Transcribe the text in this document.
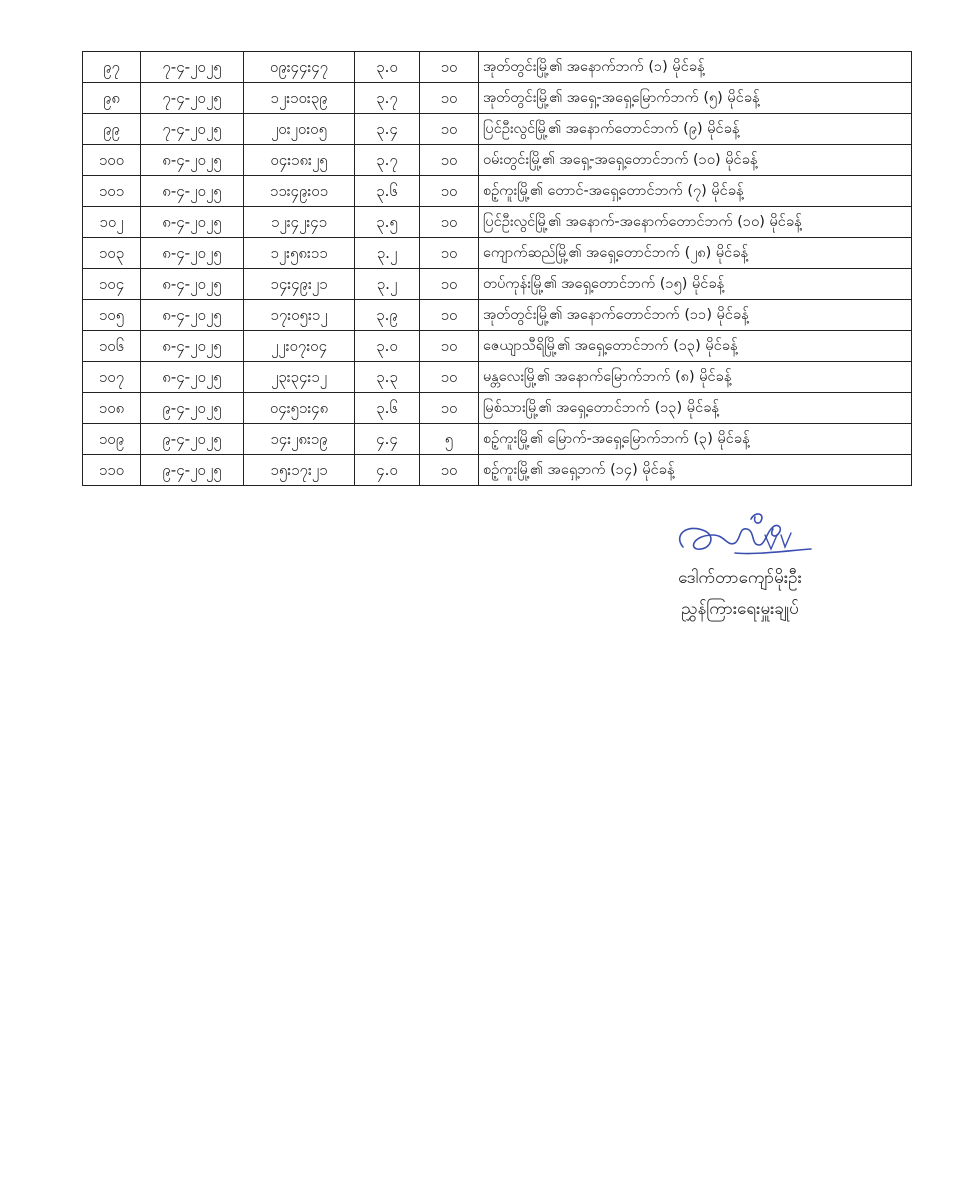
၉၇	၇-၄-၂၀၂၅	၀၉း၄၄း၄၇	၃.၀	၁၀	အုတ်တွင်းမြို့၏ အနောက်ဘက် (၁) မိုင်ခန့်
၉၈	၇-၄-၂၀၂၅	၁၂း၁၀း၃၉	၃.၇	၁၀	အုတ်တွင်းမြို့၏ အရှေ့-အရှေ့မြောက်ဘက် (၅) မိုင်ခန့်
၉၉	၇-၄-၂၀၂၅	၂၀း၂၀း၀၅	၃.၄	၁၀	ပြင်ဦးလွင်မြို့၏ အနောက်တောင်ဘက် (၉) မိုင်ခန့်
၁၀၀	၈-၄-၂၀၂၅	၀၄း၁၈း၂၅	၃.၇	၁၀	ဝမ်းတွင်းမြို့၏ အရှေ့-အရှေ့တောင်ဘက် (၁၀) မိုင်ခန့်
၁၀၁	၈-၄-၂၀၂၅	၁၁း၄၉း၀၁	၃.၆	၁၀	စဉ့်ကူးမြို့၏ တောင်-အရှေ့တောင်ဘက် (၇) မိုင်ခန့်
၁၀၂	၈-၄-၂၀၂၅	၁၂း၄၂း၄၁	၃.၅	၁၀	ပြင်ဦးလွင်မြို့၏ အနောက်-အနောက်တောင်ဘက် (၁၀) မိုင်ခန့်
၁၀၃	၈-၄-၂၀၂၅	၁၂း၅၈း၁၁	၃.၂	၁၀	ကျောက်ဆည်မြို့၏ အရှေ့တောင်ဘက် (၂၈) မိုင်ခန့်
၁၀၄	၈-၄-၂၀၂၅	၁၄း၄၉း၂၁	၃.၂	၁၀	တပ်ကုန်းမြို့၏ အရှေ့တောင်ဘက် (၁၅) မိုင်ခန့်
၁၀၅	၈-၄-၂၀၂၅	၁၇း၀၅း၁၂	၃.၉	၁၀	အုတ်တွင်းမြို့၏ အနောက်တောင်ဘက် (၁၁) မိုင်ခန့်
၁၀၆	၈-၄-၂၀၂၅	၂၂း၀၇း၀၄	၃.၀	၁၀	ဇေယျာသီရိမြို့၏ အရှေ့တောင်ဘက် (၁၃) မိုင်ခန့်
၁၀၇	၈-၄-၂၀၂၅	၂၃း၃၄း၁၂	၃.၃	၁၀	မန္တလေးမြို့၏ အနောက်မြောက်ဘက် (၈) မိုင်ခန့်
၁၀၈	၉-၄-၂၀၂၅	၀၄း၅၁း၄၈	၃.၆	၁၀	မြစ်သားမြို့၏ အရှေ့တောင်ဘက် (၁၃) မိုင်ခန့်
၁၀၉	၉-၄-၂၀၂၅	၁၄း၂၈း၁၉	၄.၄	၅	စဉ့်ကူးမြို့၏ မြောက်-အရှေ့မြောက်ဘက် (၃) မိုင်ခန့်
၁၁၀	၉-၄-၂၀၂၅	၁၅း၁၇း၂၁	၄.၀	၁၀	စဉ့်ကူးမြို့၏ အရှေ့ဘက် (၁၄) မိုင်ခန့်
ဒေါက်တာကျော်မိုးဦး
ညွှန်ကြားရေးမှူးချုပ်
